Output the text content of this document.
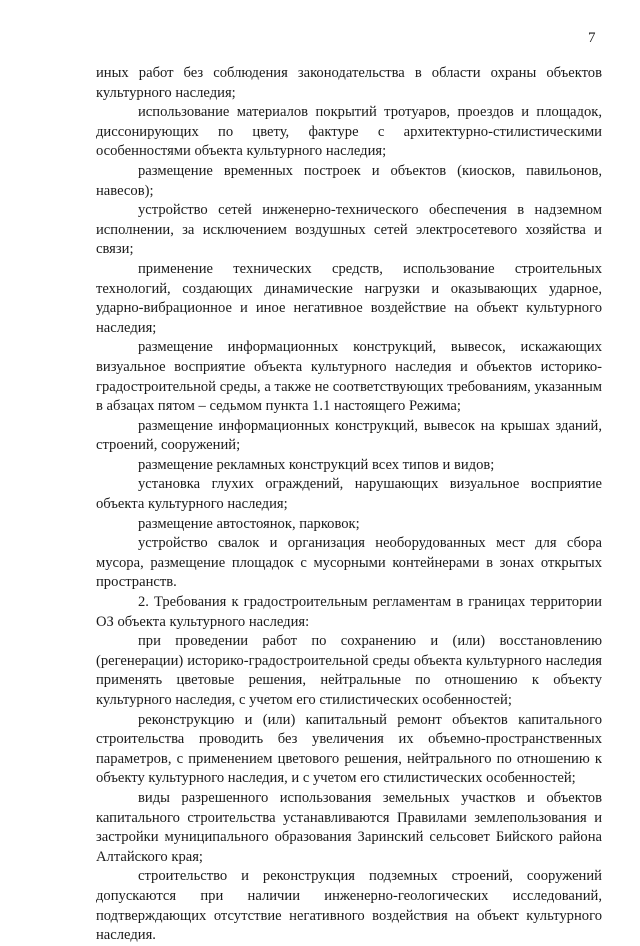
7

иных работ без соблюдения законодательства в области охраны объектов культурного наследия;

использование материалов покрытий тротуаров, проездов и площадок, диссонирующих по цвету, фактуре с архитектурно-стилистическими особенностями объекта культурного наследия;

размещение временных построек и объектов (киосков, павильонов, навесов);

устройство сетей инженерно-технического обеспечения в надземном исполнении, за исключением воздушных сетей электросетевого хозяйства и связи;

применение технических средств, использование строительных технологий, создающих динамические нагрузки и оказывающих ударное, ударно-вибрационное и иное негативное воздействие на объект культурного наследия;

размещение информационных конструкций, вывесок, искажающих визуальное восприятие объекта культурного наследия и объектов историко-градостроительной среды, а также не соответствующих требованиям, указанным в абзацах пятом – седьмом пункта 1.1 настоящего Режима;

размещение информационных конструкций, вывесок на крышах зданий, строений, сооружений;

размещение рекламных конструкций всех типов и видов;

установка глухих ограждений, нарушающих визуальное восприятие объекта культурного наследия;

размещение автостоянок, парковок;

устройство свалок и организация необорудованных мест для сбора мусора, размещение площадок с мусорными контейнерами в зонах открытых пространств.

2. Требования к градостроительным регламентам в границах территории ОЗ объекта культурного наследия:

при проведении работ по сохранению и (или) восстановлению (регенерации) историко-градостроительной среды объекта культурного наследия применять цветовые решения, нейтральные по отношению к объекту культурного наследия, с учетом его стилистических особенностей;

реконструкцию и (или) капитальный ремонт объектов капитального строительства проводить без увеличения их объемно-пространственных параметров, с применением цветового решения, нейтрального по отношению к объекту культурного наследия, и с учетом его стилистических особенностей;

виды разрешенного использования земельных участков и объектов капитального строительства устанавливаются Правилами землепользования и застройки муниципального образования Заринский сельсовет Бийского района Алтайского края;

строительство и реконструкция подземных строений, сооружений допускаются при наличии инженерно-геологических исследований, подтверждающих отсутствие негативного воздействия на объект культурного наследия.
